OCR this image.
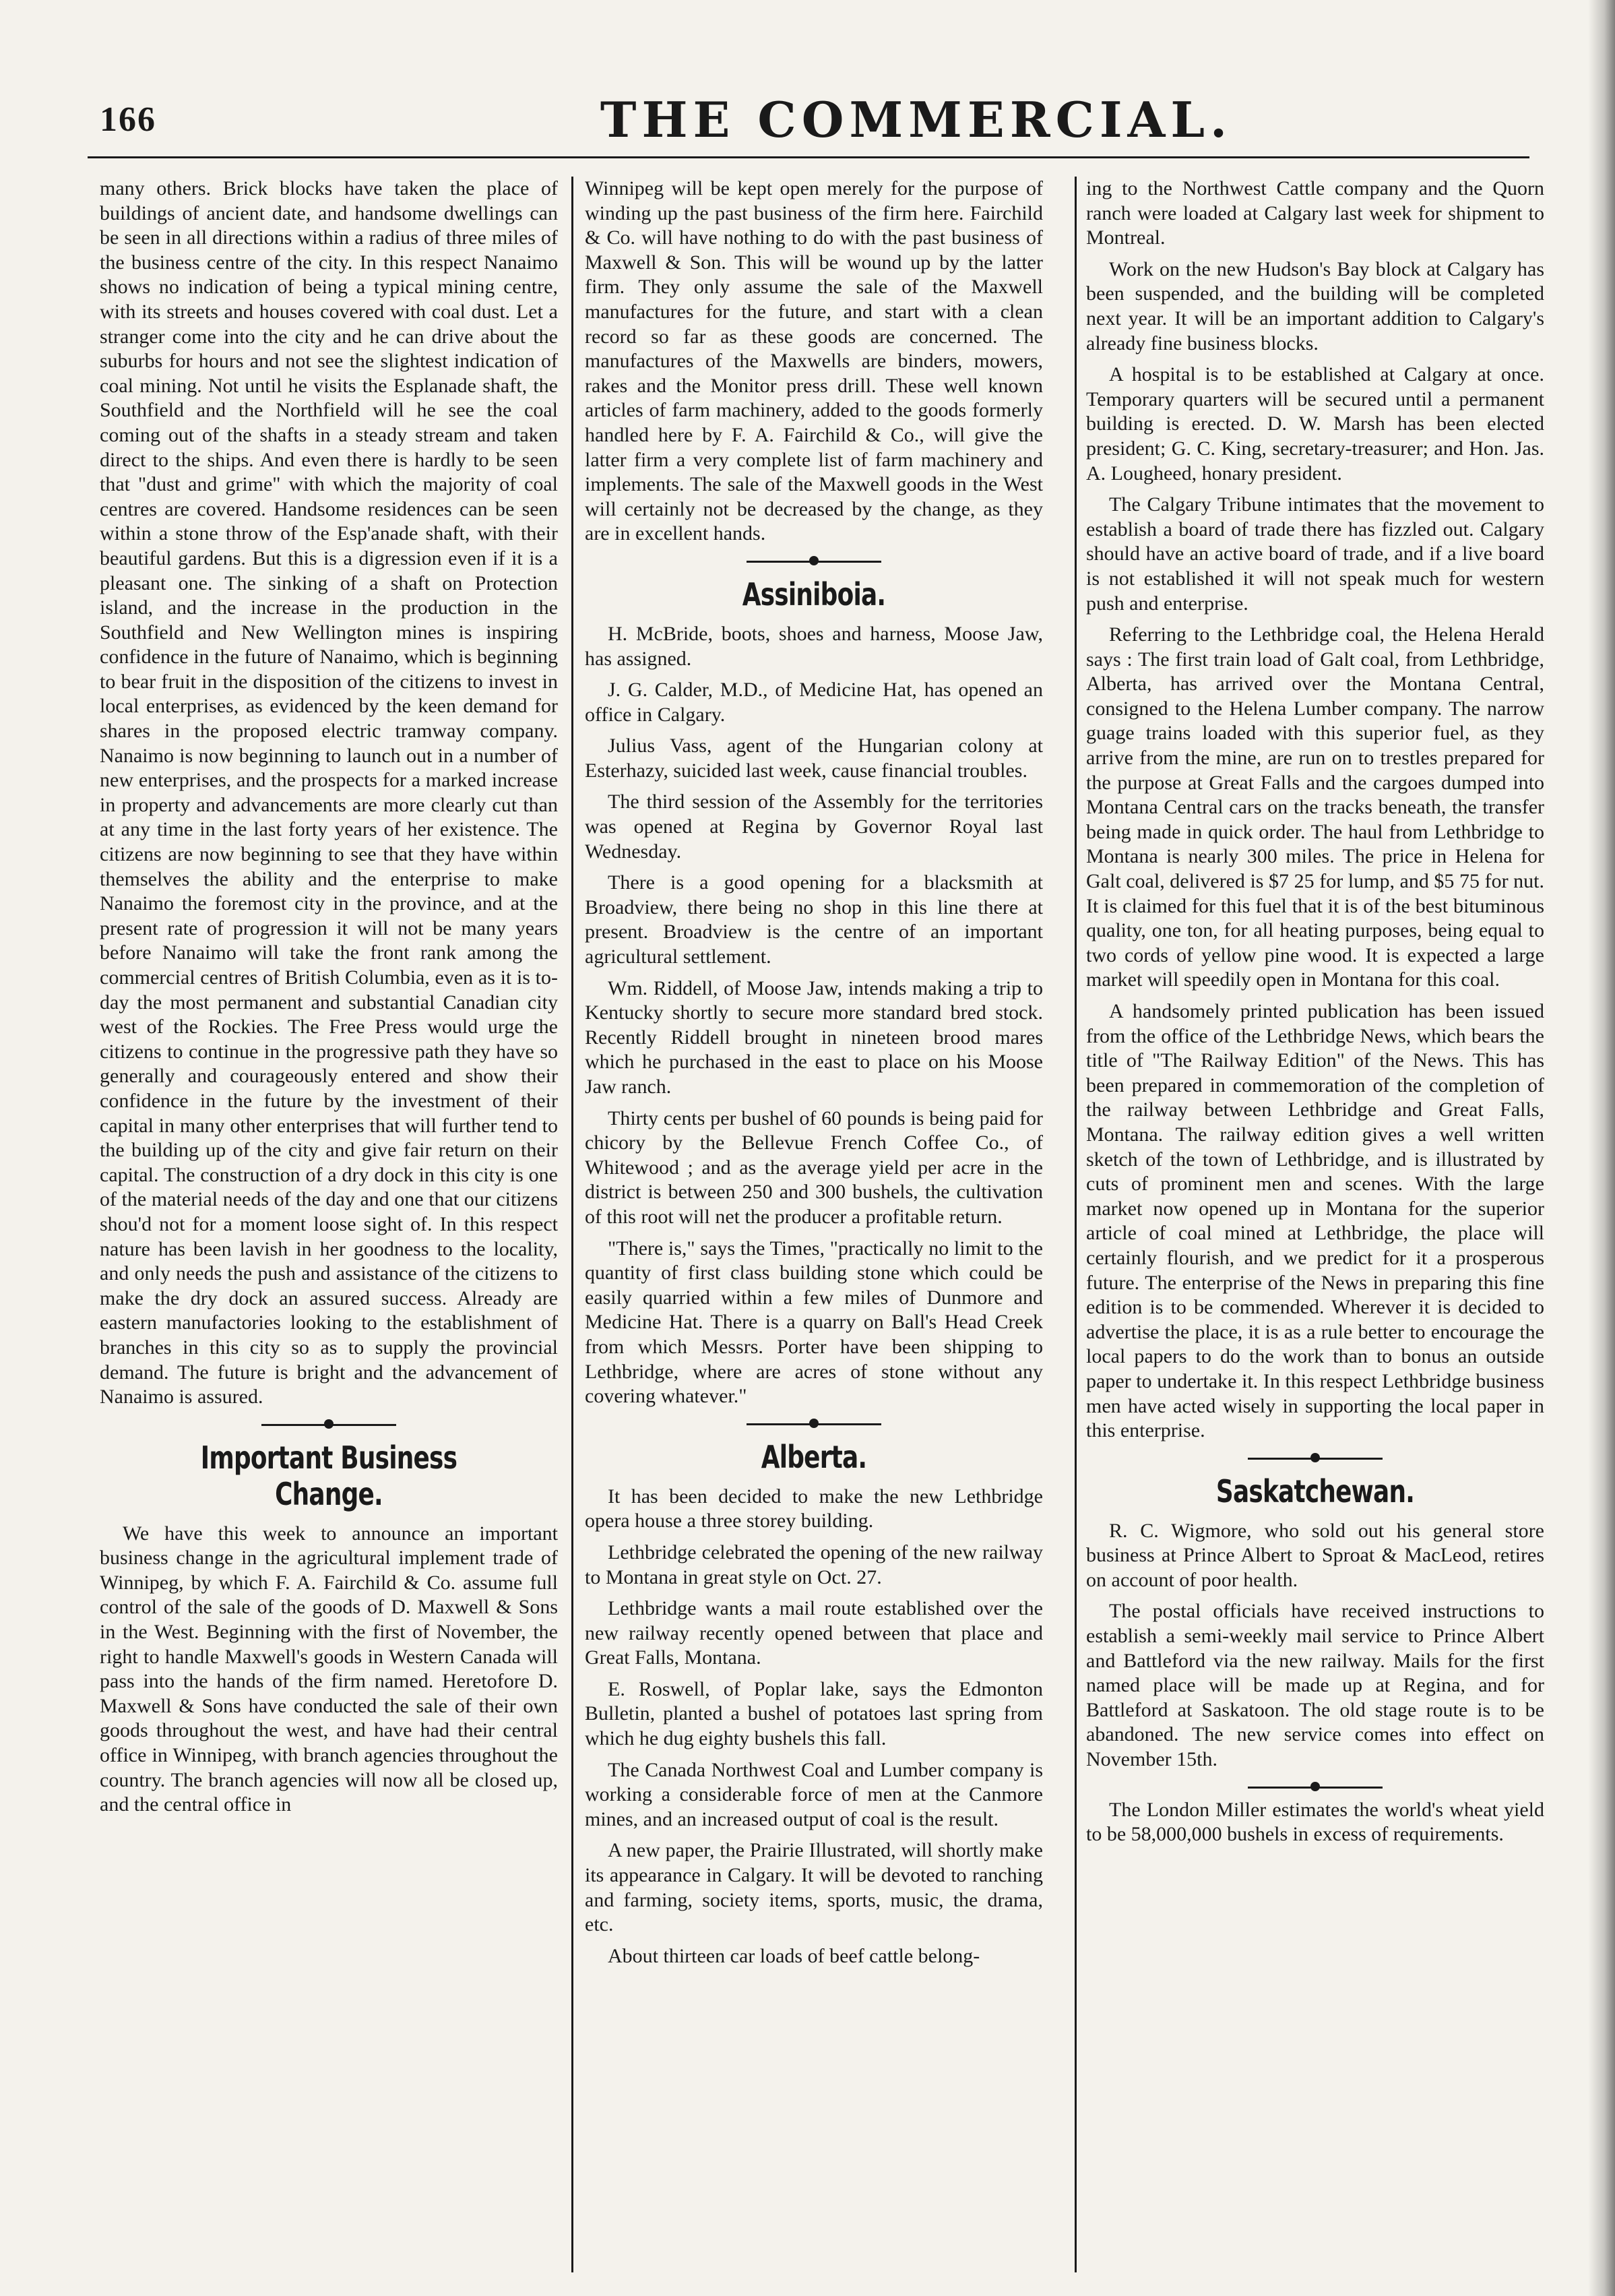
166	THE COMMERCIAL.

many others. Brick blocks have taken the place of buildings of ancient date, and handsome dwellings can be seen in all directions within a radius of three miles of the business centre of the city. In this respect Nanaimo shows no indication of being a typical mining centre, with its streets and houses covered with coal dust. Let a stranger come into the city and he can drive about the suburbs for hours and not see the slightest indication of coal mining. Not until he visits the Esplanade shaft, the Southfield and the Northfield will he see the coal coming out of the shafts in a steady stream and taken direct to the ships. And even there is hardly to be seen that "dust and grime" with which the majority of coal centres are covered. Handsome residences can be seen within a stone throw of the Esp'anade shaft, with their beautiful gardens. But this is a digression even if it is a pleasant one. The sinking of a shaft on Protection island, and the increase in the production in the Southfield and New Wellington mines is inspiring confidence in the future of Nanaimo, which is beginning to bear fruit in the disposition of the citizens to invest in local enterprises, as evidenced by the keen demand for shares in the proposed electric tramway company. Nanaimo is now beginning to launch out in a number of new enterprises, and the prospects for a marked increase in property and advancements are more clearly cut than at any time in the last forty years of her existence. The citizens are now beginning to see that they have within themselves the ability and the enterprise to make Nanaimo the foremost city in the province, and at the present rate of progression it will not be many years before Nanaimo will take the front rank among the commercial centres of British Columbia, even as it is to-day the most permanent and substantial Canadian city west of the Rockies. The Free Press would urge the citizens to continue in the progressive path they have so generally and courageously entered and show their confidence in the future by the investment of their capital in many other enterprises that will further tend to the building up of the city and give fair return on their capital. The construction of a dry dock in this city is one of the material needs of the day and one that our citizens shou'd not for a moment loose sight of. In this respect nature has been lavish in her goodness to the locality, and only needs the push and assistance of the citizens to make the dry dock an assured success. Already are eastern manufactories looking to the establishment of branches in this city so as to supply the provincial demand. The future is bright and the advancement of Nanaimo is assured.

Important Business Change.

We have this week to announce an important business change in the agricultural implement trade of Winnipeg, by which F. A. Fairchild & Co. assume full control of the sale of the goods of D. Maxwell & Sons in the West. Beginning with the first of November, the right to handle Maxwell's goods in Western Canada will pass into the hands of the firm named. Heretofore D. Maxwell & Sons have conducted the sale of their own goods throughout the west, and have had their central office in Winnipeg, with branch agencies throughout the country. The branch agencies will now all be closed up, and the central office in

Winnipeg will be kept open merely for the purpose of winding up the past business of the firm here. Fairchild & Co. will have nothing to do with the past business of Maxwell & Son. This will be wound up by the latter firm. They only assume the sale of the Maxwell manufactures for the future, and start with a clean record so far as these goods are concerned. The manufactures of the Maxwells are binders, mowers, rakes and the Monitor press drill. These well known articles of farm machinery, added to the goods formerly handled here by F. A. Fairchild & Co., will give the latter firm a very complete list of farm machinery and implements. The sale of the Maxwell goods in the West will certainly not be decreased by the change, as they are in excellent hands.

Assiniboia.

H. McBride, boots, shoes and harness, Moose Jaw, has assigned.

J. G. Calder, M.D., of Medicine Hat, has opened an office in Calgary.

Julius Vass, agent of the Hungarian colony at Esterhazy, suicided last week, cause financial troubles.

The third session of the Assembly for the territories was opened at Regina by Governor Royal last Wednesday.

There is a good opening for a blacksmith at Broadview, there being no shop in this line there at present. Broadview is the centre of an important agricultural settlement.

Wm. Riddell, of Moose Jaw, intends making a trip to Kentucky shortly to secure more standard bred stock. Recently Riddell brought in nineteen brood mares which he purchased in the east to place on his Moose Jaw ranch.

Thirty cents per bushel of 60 pounds is being paid for chicory by the Bellevue French Coffee Co., of Whitewood ; and as the average yield per acre in the district is between 250 and 300 bushels, the cultivation of this root will net the producer a profitable return.

"There is," says the Times, "practically no limit to the quantity of first class building stone which could be easily quarried within a few miles of Dunmore and Medicine Hat. There is a quarry on Ball's Head Creek from which Messrs. Porter have been shipping to Lethbridge, where are acres of stone without any covering whatever."

Alberta.

It has been decided to make the new Lethbridge opera house a three storey building.

Lethbridge celebrated the opening of the new railway to Montana in great style on Oct. 27.

Lethbridge wants a mail route established over the new railway recently opened between that place and Great Falls, Montana.

E. Roswell, of Poplar lake, says the Edmonton Bulletin, planted a bushel of potatoes last spring from which he dug eighty bushels this fall.

The Canada Northwest Coal and Lumber company is working a considerable force of men at the Canmore mines, and an increased output of coal is the result.

A new paper, the Prairie Illustrated, will shortly make its appearance in Calgary. It will be devoted to ranching and farming, society items, sports, music, the drama, etc.

About thirteen car loads of beef cattle belong-

ing to the Northwest Cattle company and the Quorn ranch were loaded at Calgary last week for shipment to Montreal.

Work on the new Hudson's Bay block at Calgary has been suspended, and the building will be completed next year. It will be an important addition to Calgary's already fine business blocks.

A hospital is to be established at Calgary at once. Temporary quarters will be secured until a permanent building is erected. D. W. Marsh has been elected president; G. C. King, secretary-treasurer; and Hon. Jas. A. Lougheed, honary president.

The Calgary Tribune intimates that the movement to establish a board of trade there has fizzled out. Calgary should have an active board of trade, and if a live board is not established it will not speak much for western push and enterprise.

Referring to the Lethbridge coal, the Helena Herald says : The first train load of Galt coal, from Lethbridge, Alberta, has arrived over the Montana Central, consigned to the Helena Lumber company. The narrow guage trains loaded with this superior fuel, as they arrive from the mine, are run on to trestles prepared for the purpose at Great Falls and the cargoes dumped into Montana Central cars on the tracks beneath, the transfer being made in quick order. The haul from Lethbridge to Montana is nearly 300 miles. The price in Helena for Galt coal, delivered is $7 25 for lump, and $5 75 for nut. It is claimed for this fuel that it is of the best bituminous quality, one ton, for all heating purposes, being equal to two cords of yellow pine wood. It is expected a large market will speedily open in Montana for this coal.

A handsomely printed publication has been issued from the office of the Lethbridge News, which bears the title of "The Railway Edition" of the News. This has been prepared in commemoration of the completion of the railway between Lethbridge and Great Falls, Montana. The railway edition gives a well written sketch of the town of Lethbridge, and is illustrated by cuts of prominent men and scenes. With the large market now opened up in Montana for the superior article of coal mined at Lethbridge, the place will certainly flourish, and we predict for it a prosperous future. The enterprise of the News in preparing this fine edition is to be commended. Wherever it is decided to advertise the place, it is as a rule better to encourage the local papers to do the work than to bonus an outside paper to undertake it. In this respect Lethbridge business men have acted wisely in supporting the local paper in this enterprise.

Saskatchewan.

R. C. Wigmore, who sold out his general store business at Prince Albert to Sproat & MacLeod, retires on account of poor health.

The postal officials have received instructions to establish a semi-weekly mail service to Prince Albert and Battleford via the new railway. Mails for the first named place will be made up at Regina, and for Battleford at Saskatoon. The old stage route is to be abandoned. The new service comes into effect on November 15th.

The London Miller estimates the world's wheat yield to be 58,000,000 bushels in excess of requirements.
